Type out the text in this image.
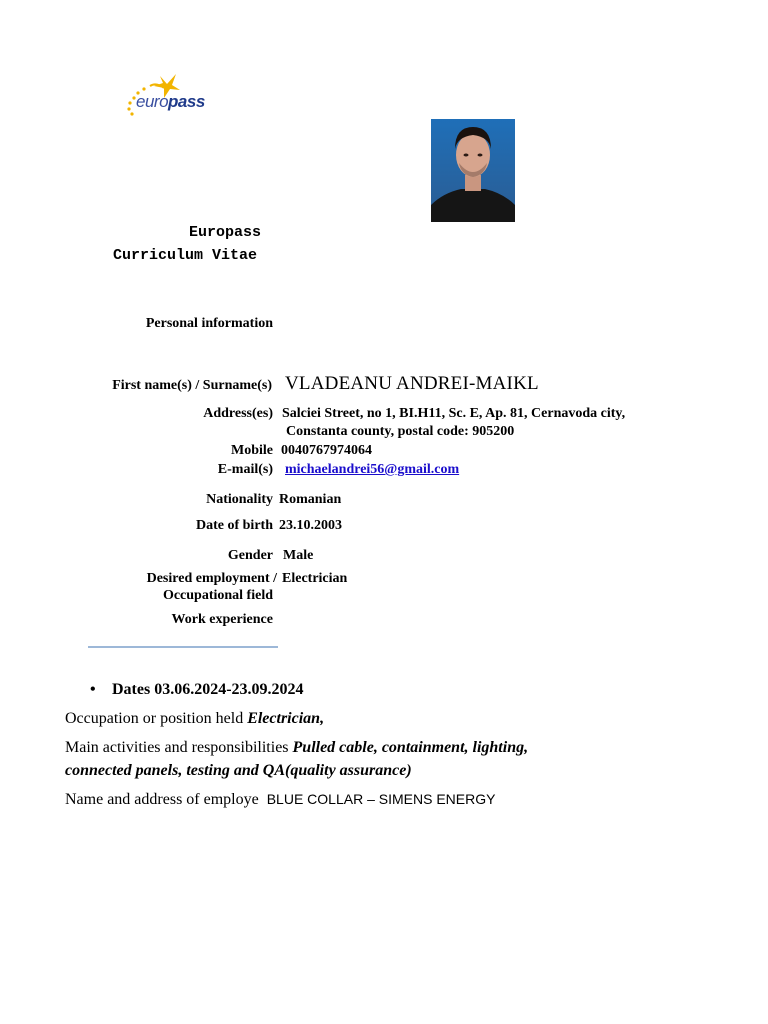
europass
Europass
Curriculum Vitae
Personal information
First name(s) / Surname(s) VLADEANU ANDREI-MAIKL
Address(es) Salciei Street, no 1, BI.H11, Sc. E, Ap. 81, Cernavoda city,
Constanta county, postal code: 905200
Mobile 0040767974064
E-mail(s) michaelandrei56@gmail.com
Nationality Romanian
Date of birth 23.10.2003
Gender Male
Desired employment /
Occupational field
Electrician
Work experience
• Dates 03.06.2024-23.09.2024
Occupation or position held Electrician,
Main activities and responsibilities Pulled cable, containment, lighting,
connected panels, testing and QA(quality assurance)
Name and address of employe BLUE COLLAR – SIMENS ENERGY
